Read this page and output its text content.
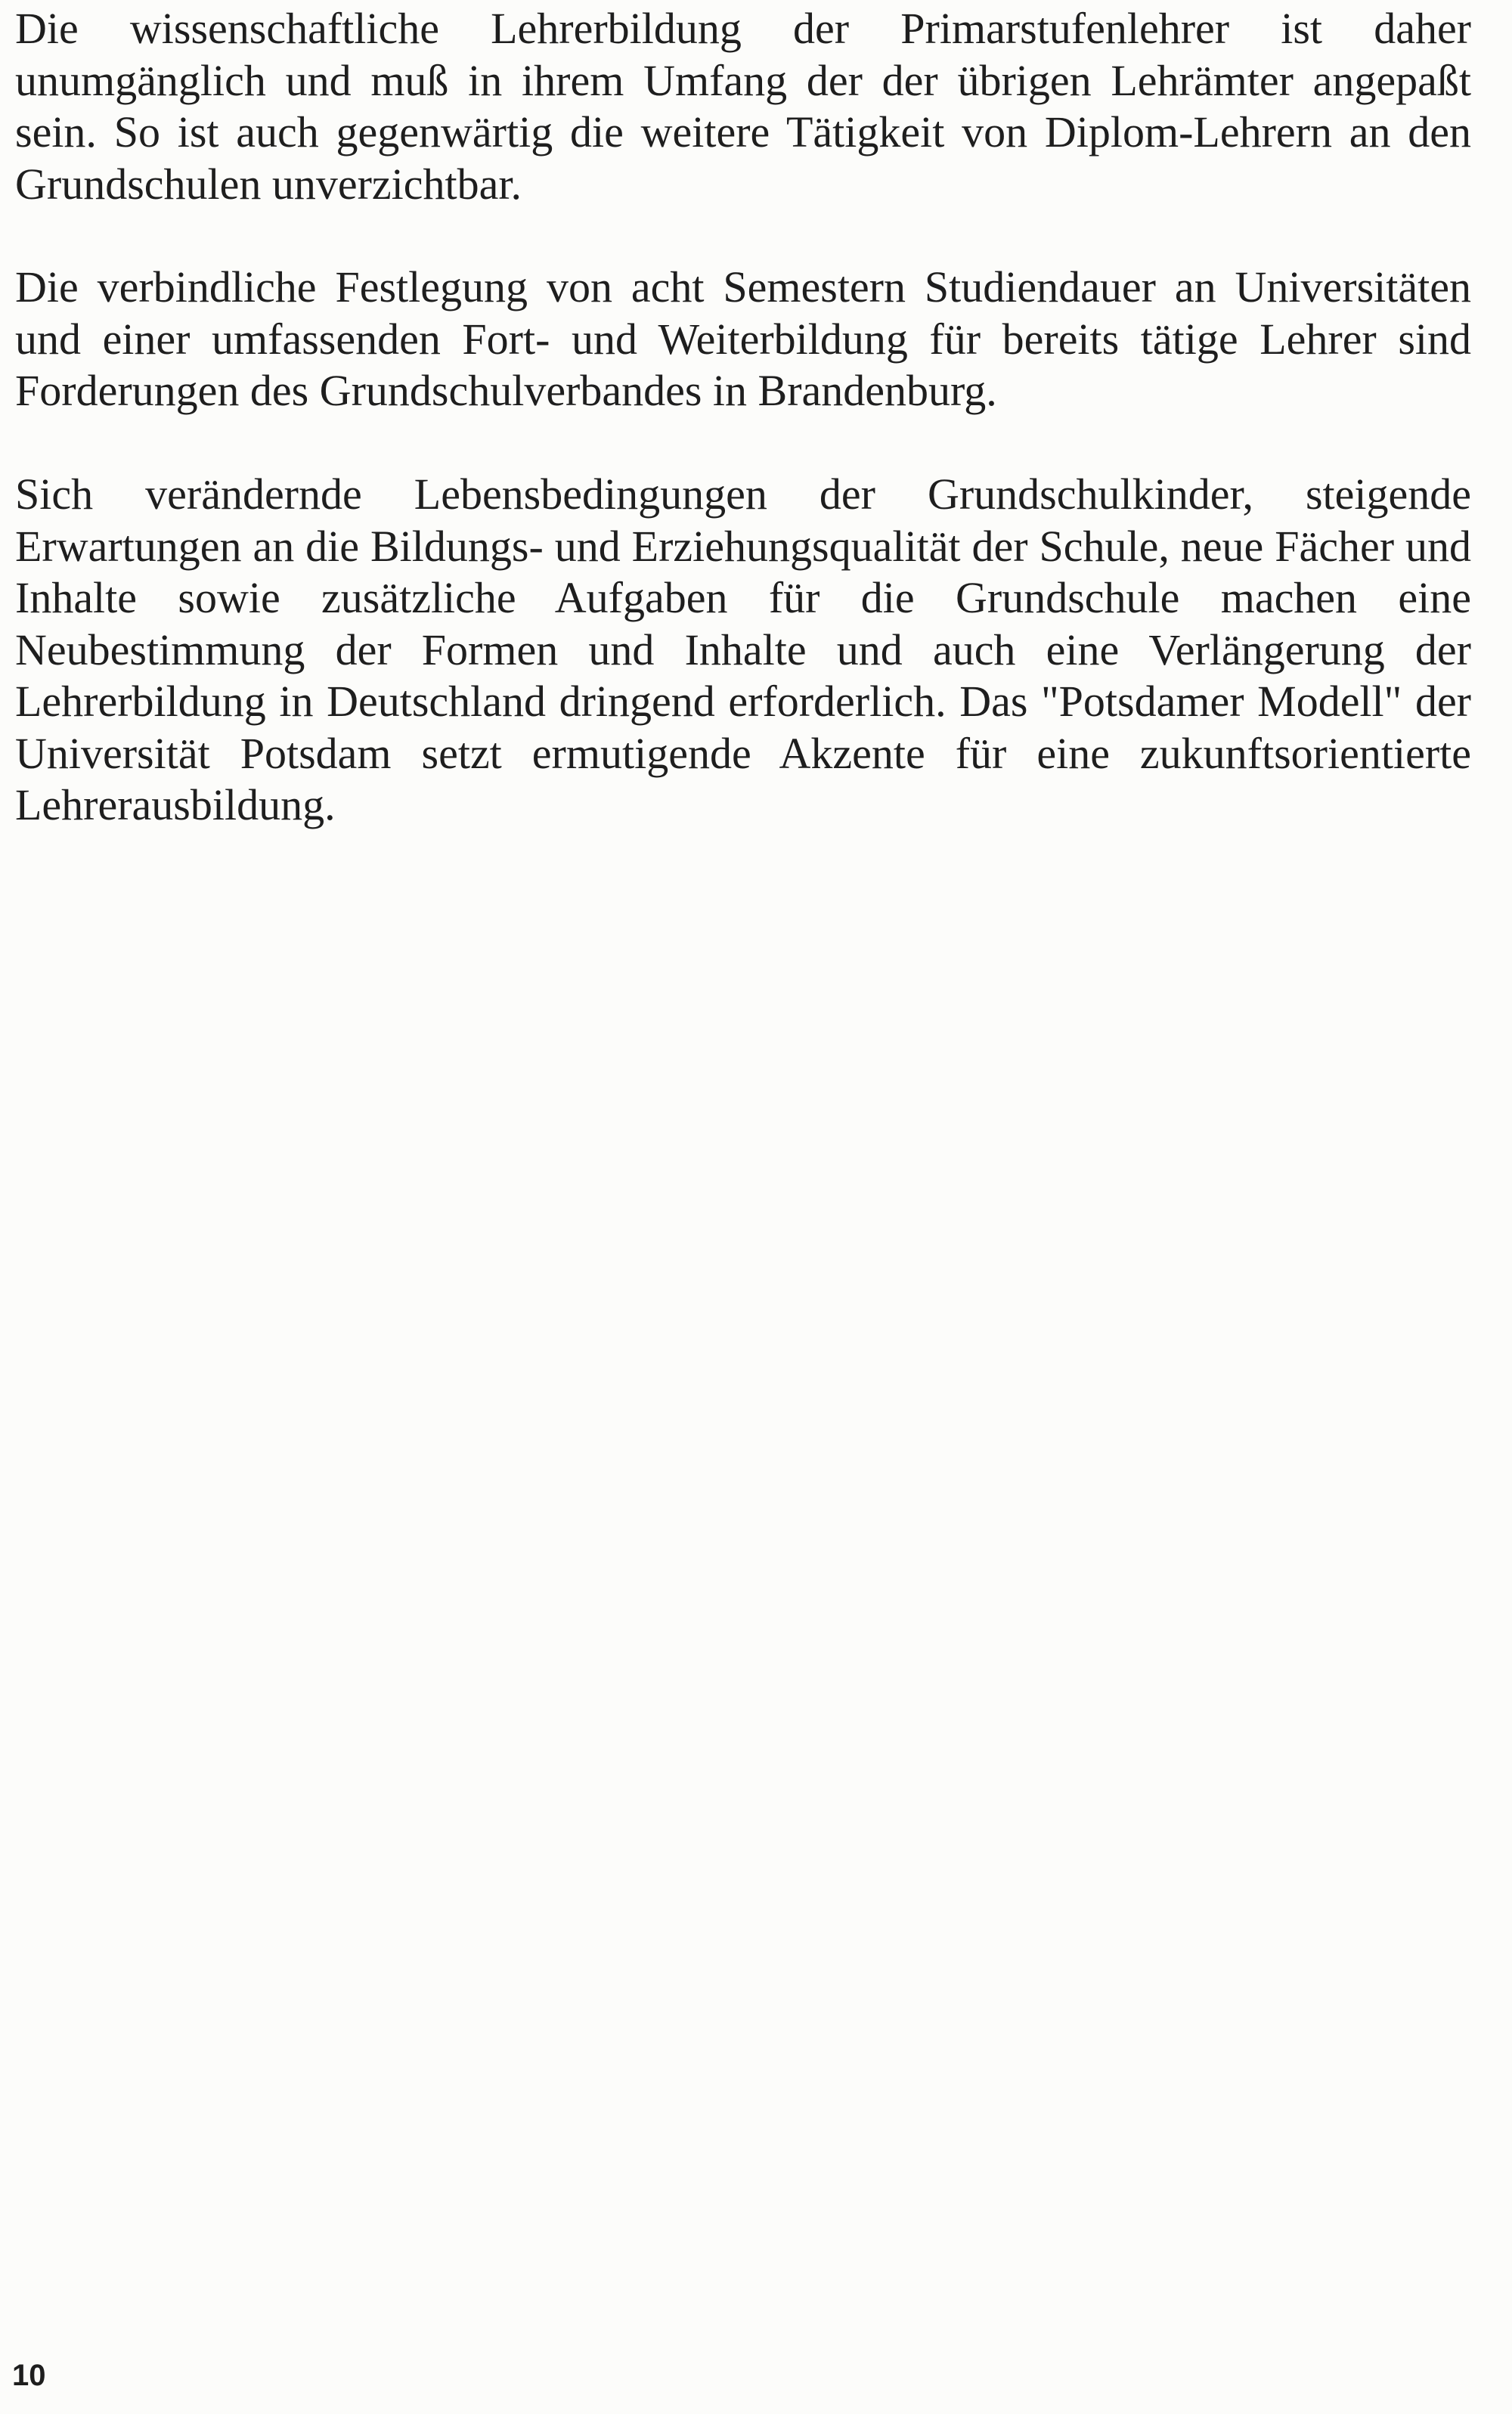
Die wissenschaftliche Lehrerbildung der Primarstufenlehrer ist daher unumgänglich und muß in ihrem Umfang der der übrigen Lehrämter angepaßt sein. So ist auch gegenwärtig die weitere Tätigkeit von Diplom-Lehrern an den Grundschulen unverzichtbar.

Die verbindliche Festlegung von acht Semestern Studiendauer an Universitäten und einer umfassenden Fort- und Weiterbildung für bereits tätige Lehrer sind Forderungen des Grundschulverbandes in Brandenburg.

Sich verändernde Lebensbedingungen der Grundschulkinder, steigende Erwartungen an die Bildungs- und Erziehungsqualität der Schule, neue Fächer und Inhalte sowie zusätzliche Aufgaben für die Grundschule machen eine Neubestimmung der Formen und Inhalte und auch eine Verlängerung der Lehrerbildung in Deutschland dringend erforderlich. Das "Potsdamer Modell" der Universität Potsdam setzt ermutigende Akzente für eine zukunftsorientierte Lehrerausbildung.

10
